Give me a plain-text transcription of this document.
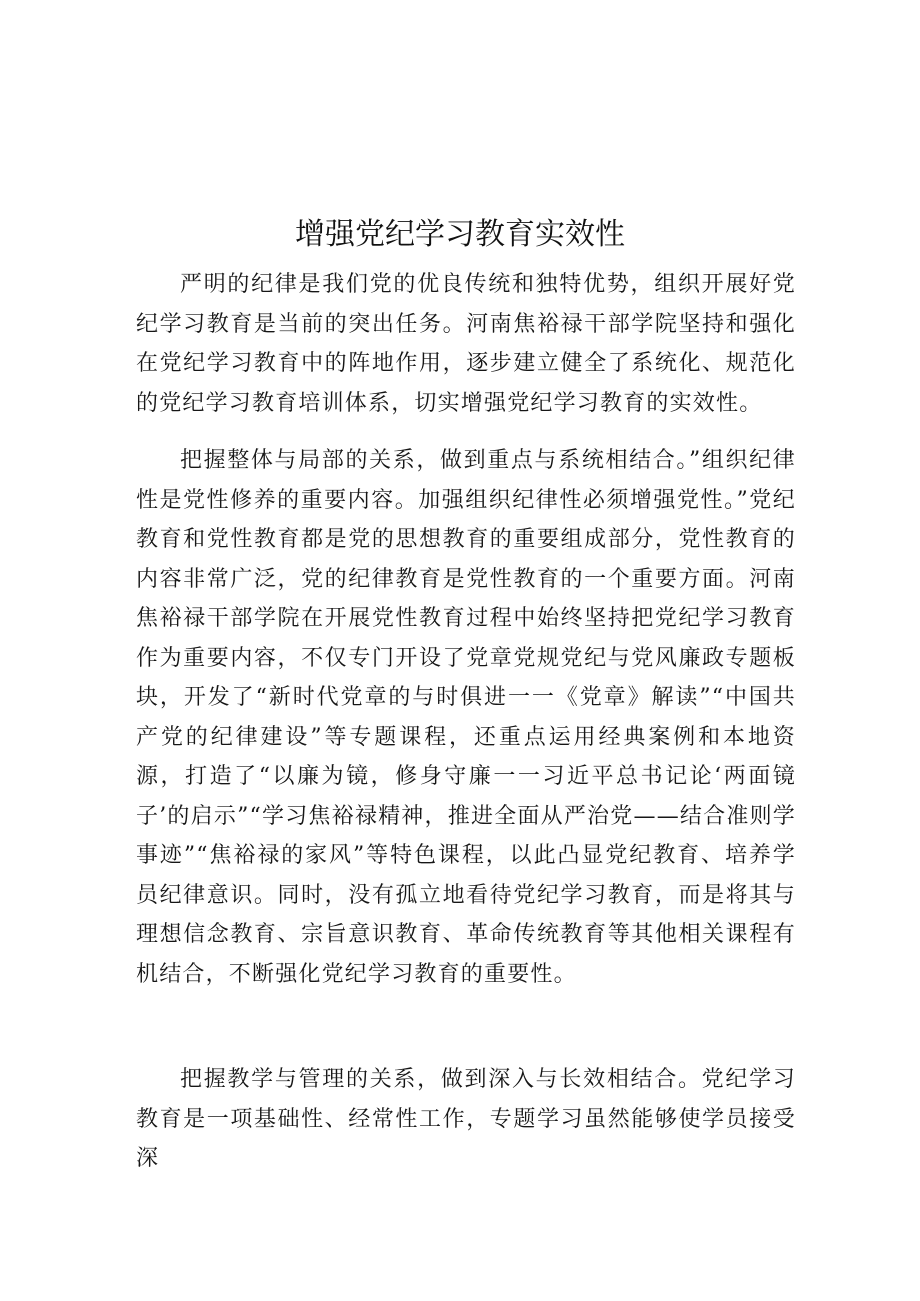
增强党纪学习教育实效性

严明的纪律是我们党的优良传统和独特优势，组织开展好党纪学习教育是当前的突出任务。河南焦裕禄干部学院坚持和强化在党纪学习教育中的阵地作用，逐步建立健全了系统化、规范化的党纪学习教育培训体系，切实增强党纪学习教育的实效性。

把握整体与局部的关系，做到重点与系统相结合。”组织纪律性是党性修养的重要内容。加强组织纪律性必须增强党性。”党纪教育和党性教育都是党的思想教育的重要组成部分，党性教育的内容非常广泛，党的纪律教育是党性教育的一个重要方面。河南焦裕禄干部学院在开展党性教育过程中始终坚持把党纪学习教育作为重要内容，不仅专门开设了党章党规党纪与党风廉政专题板块，开发了“新时代党章的与时俱进一一《党章》解读”“中国共产党的纪律建设”等专题课程，还重点运用经典案例和本地资源，打造了“以廉为镜，修身守廉一一习近平总书记论‘两面镜子’的启示”“学习焦裕禄精神，推进全面从严治党——结合准则学事迹”“焦裕禄的家风”等特色课程，以此凸显党纪教育、培养学员纪律意识。同时，没有孤立地看待党纪学习教育，而是将其与理想信念教育、宗旨意识教育、革命传统教育等其他相关课程有机结合，不断强化党纪学习教育的重要性。

把握教学与管理的关系，做到深入与长效相结合。党纪学习教育是一项基础性、经常性工作，专题学习虽然能够使学员接受深
